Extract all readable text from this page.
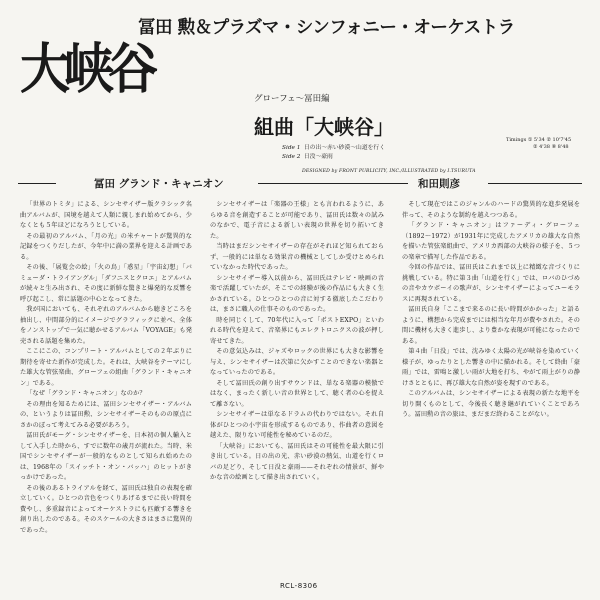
大峡谷
冨田 勲＆プラズマ・シンフォニー・オーケストラ
グローフェ〜冨田編
組曲「大峡谷」
Side 1 日の出〜赤い砂漠〜山道を行く
Side 2 日没〜豪雨
Timings ① 5'34 ② 10'7'45
② 4'38 ⑧ 8'48
DESIGNED by FRONT PUBLICITY, INC./ILLUSTRATED by I.TSURUTA
冨田 グランド・キャニオン	和田則彦

「世界のトミタ」による、シンセサイザー版クラシック名曲アルバムが、国境を越えて人類に親しまれ始めてから、少なくとも５年ほどになろうとしている。

その最初のアルバム、「月の光」の米チャートが驚異的な記録をつくりだしたが、今年中に満の業界を迎える計画である。

その後、「展覧会の絵」「火の鳥」「惑星」「宇宙幻想」「バミューダ・トライアングル」「ダフニスとクロエ」とアルバムが続々と生み出され、その度に新鮮な驚きと爆発的な反響を呼び起こし、常に話題の中心となってきた。

我が国においても、それぞれのアルバムから聴きどころを抽出し、中間部分的にイメージでグラフィックに並べ、全体をノンストップで一気に聴かせるアルバム「VOYAGE」も発売される話題を集めた。

ここにこの、コンプリート・アルバムとしての２年ぶりに期待を寄せた新作が完成した。それは、大峡谷をテーマにした雄大な管弦楽曲、グローフェの組曲「グランド・キャニオン」である。

「なぜ「グランド・キャニオン」なのか？

その理由を知るためには、冨田シンセサイザー・アルバムの、というよりは冨田勲、シンセサイザーそのものの原点にさかのぼって考えてみる必要があろう。

冨田氏がモーグ・シンセサイザーを、日本初の個人輸入として入手した時から、すでに数年の歳月が流れた。当時、米国でシンセサイザーが一般的なものとして知られ始めたのは、1968年の「スイッチト・オン・バッハ」のヒットがきっかけであった。

その後のあるトライアルを経て、冨田氏は独自の表現を確立していく。ひとつの音色をつくりあげるまでに長い時間を費やし、多重録音によってオーケストラにも匹敵する響きを創り出したのである。そのスケールの大きさはまさに驚異的であった。

シンセサイザーは「楽器の王様」とも言われるように、あらゆる音を創造することが可能であり、冨田氏は数々の試みのなかで、電子音による新しい表現の世界を切り拓いてきた。

当時はまだシンセサイザーの存在がそれほど知られておらず、一般的には単なる効果音の機械としてしか受けとめられていなかった時代であった。

シンセサイザー導入以前から、冨田氏はテレビ・映画の音楽で活躍していたが、そこでの経験が後の作品にも大きく生かされている。ひとつひとつの音に対する徹底したこだわりは、まさに職人の仕事そのものであった。

時を同じくして、70年代に入って「ポストEXPO」といわれる時代を迎えて、音楽界にもエレクトロニクスの波が押し寄せてきた。

その意気込みは、ジャズやロックの世界にも大きな影響を与え、シンセサイザーは次第に欠かすことのできない楽器となっていったのである。

そして冨田氏の創り出すサウンドは、単なる楽器の模倣ではなく、まったく新しい音の世界として、聴く者の心を捉えて離さない。

シンセサイザーは単なるドラムの代わりではない。それ自体がひとつの小宇宙を形成するものであり、作曲者の意図を越えた、限りない可能性を秘めているのだ。

「大峡谷」においても、冨田氏はその可能性を最大限に引き出している。日の出の光、赤い砂漠の熱気、山道を行くロバの足どり、そして日没と豪雨——それぞれの情景が、鮮やかな音の絵画として描き出されていく。

そして現在ではこのジャンルのハードの驚異的な進歩発展を伴って、そのような制約を越えつつある。

「グランド・キャニオン」はファーディ・グローフェ（1892〜1972）が1931年に完成したアメリカの雄大な自然を描いた管弦楽組曲で、アメリカ西部の大峡谷の様子を、５つの楽章で描写した作品である。

今回の作品では、冨田氏はこれまで以上に精緻な音づくりに挑戦している。特に第３曲「山道を行く」では、ロバのひづめの音やカウボーイの歌声が、シンセサイザーによってユーモラスに再現されている。

冨田氏自身「ここまで来るのに長い時間がかかった」と語るように、構想から完成までには相当な年月が費やされた。その間に機材も大きく進歩し、より豊かな表現が可能になったのである。

第４曲「日没」では、沈みゆく太陽の光が峡谷を染めていく様子が、ゆったりとした響きの中に描かれる。そして終曲「豪雨」では、雷鳴と激しい雨が大地を打ち、やがて雨上がりの静けさとともに、再び雄大な自然が姿を現すのである。

このアルバムは、シンセサイザーによる表現の新たな地平を切り開くものとして、今後長く聴き継がれていくことであろう。冨田勲の音の旅は、まだまだ終わることがない。

RCL-8306
